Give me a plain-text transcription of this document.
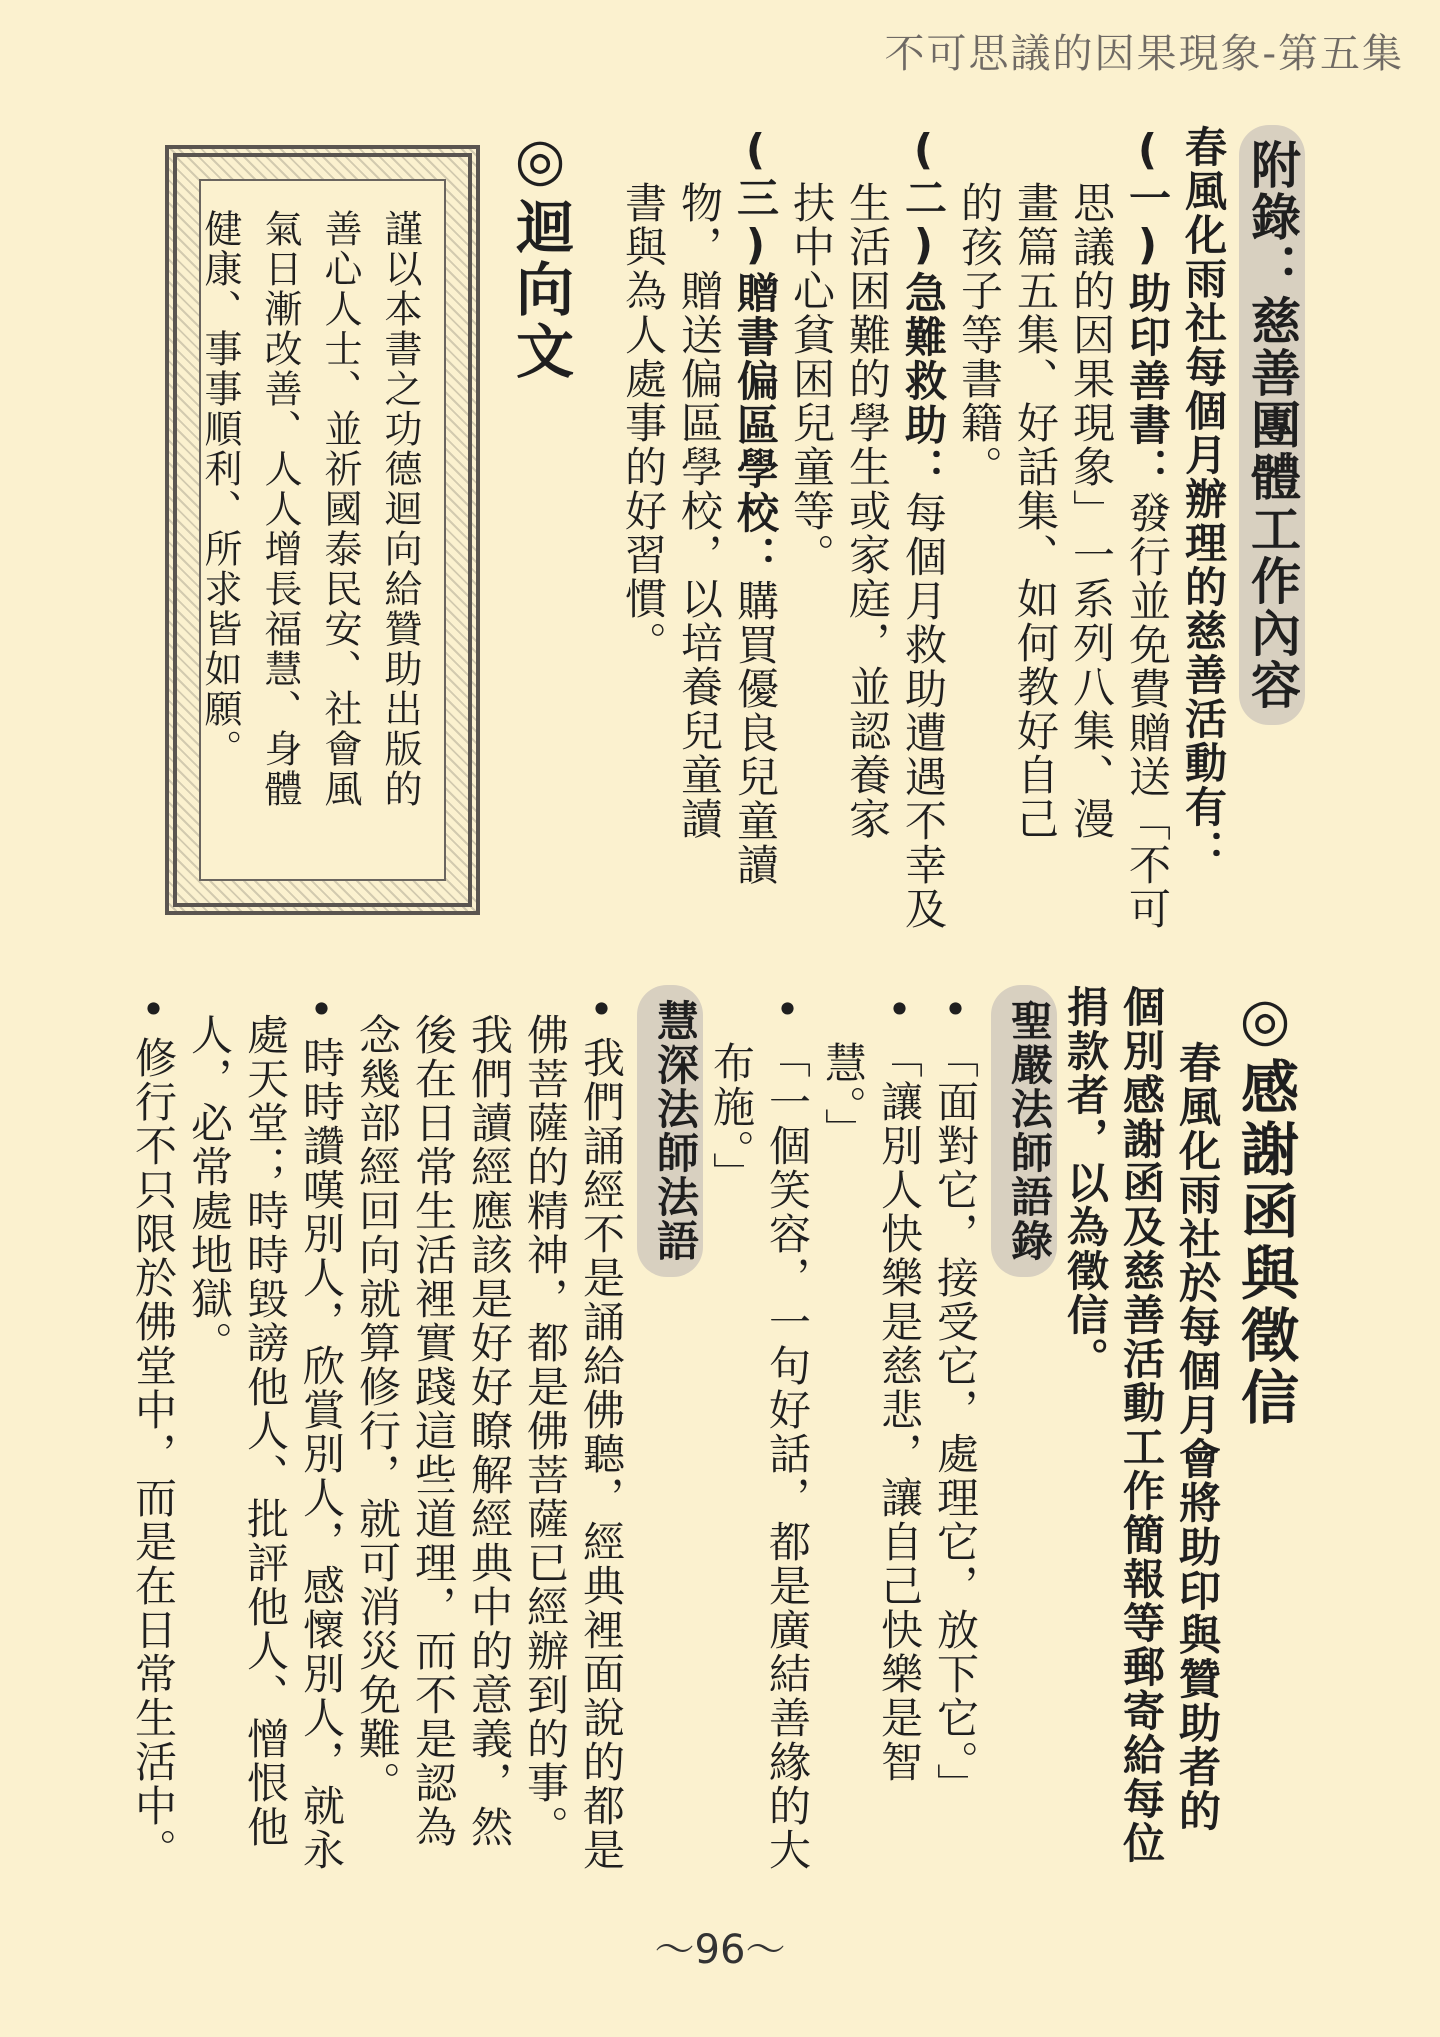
不可思議的因果現象-第五集
附錄：慈善團體工作內容
春風化雨社每個月辦理的慈善活動有：
(一)助印善書：發行並免費贈送「不可
思議的因果現象」一系列八集、漫
畫篇五集、好話集、如何教好自己
的孩子等書籍。
(二)急難救助：每個月救助遭遇不幸及
生活困難的學生或家庭，並認養家
扶中心貧困兒童等。
(三)贈書偏區學校：購買優良兒童讀
物，贈送偏區學校，以培養兒童讀
書與為人處事的好習慣。
◎迴向文
謹以本書之功德迴向給贊助出版的
善心人士、並祈國泰民安、社會風
氣日漸改善、人人增長福慧、身體
健康、事事順利、所求皆如願。
◎感謝函與徵信
春風化雨社於每個月會將助印與贊助者的
個別感謝函及慈善活動工作簡報等郵寄給每位
捐款者，以為徵信。
聖嚴法師語錄
•「面對它，接受它，處理它，放下它。」
•「讓別人快樂是慈悲，讓自己快樂是智
慧。」
•「一個笑容，一句好話，都是廣結善緣的大
布施。」
慧深法師法語
•我們誦經不是誦給佛聽，經典裡面說的都是
佛菩薩的精神，都是佛菩薩已經辦到的事。
我們讀經應該是好好瞭解經典中的意義，然
後在日常生活裡實踐這些道理，而不是認為
念幾部經回向就算修行，就可消災免難。
•時時讚嘆別人，欣賞別人，感懷別人，就永
處天堂；時時毀謗他人、批評他人、憎恨他
人，必常處地獄。
•修行不只限於佛堂中，而是在日常生活中。
～96～
